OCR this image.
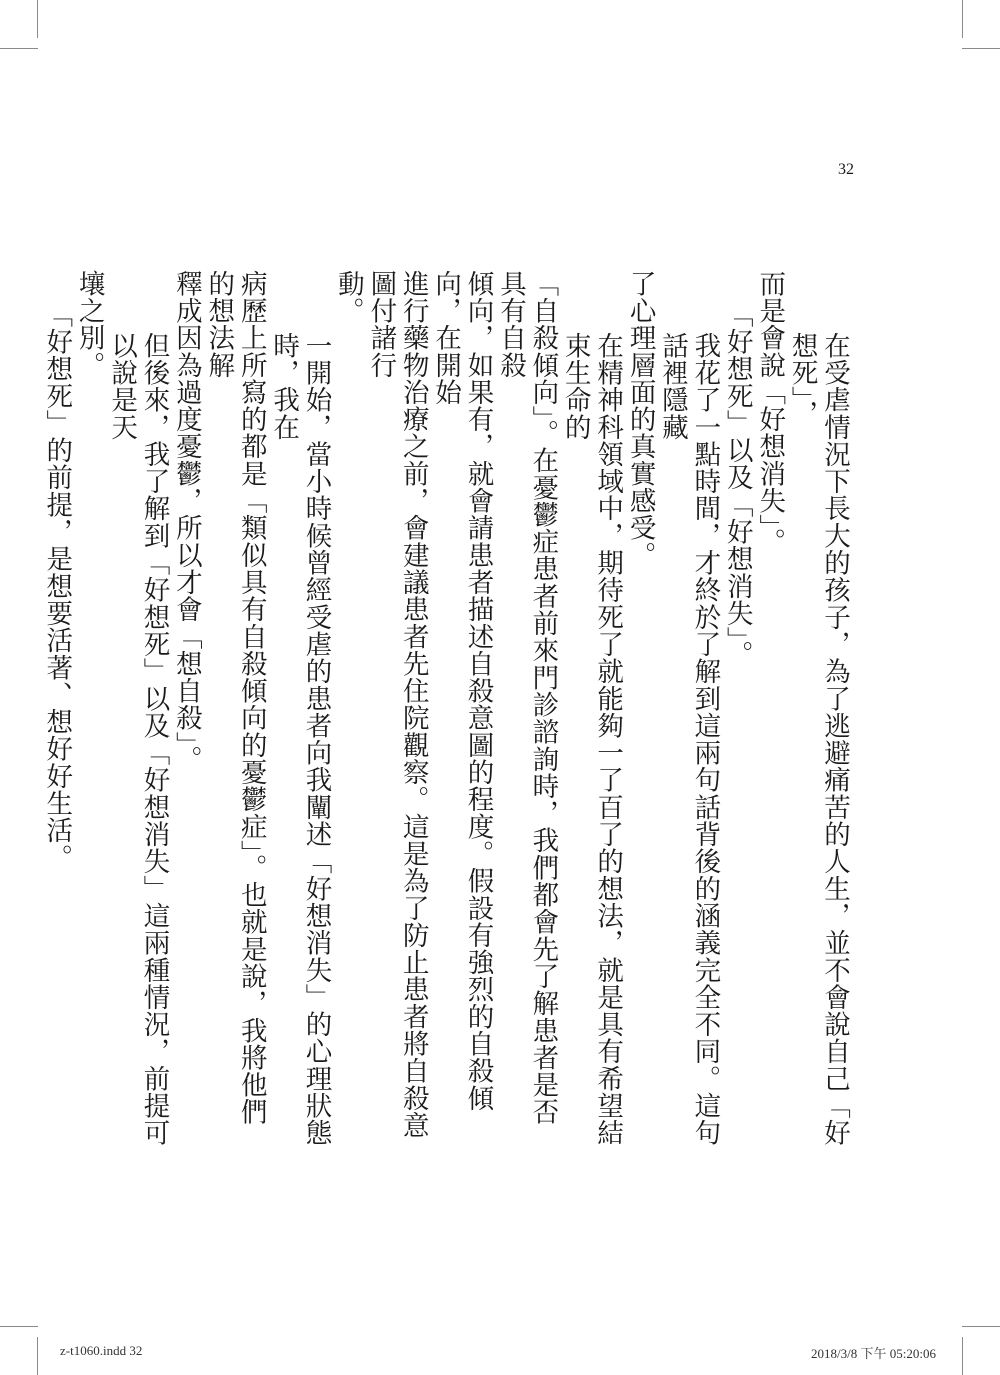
32

在受虐情況下長大的孩子，為了逃避痛苦的人生，並不會說自己「好想死」，

而是會說「好想消失」。

「好想死」以及「好想消失」。

我花了一點時間，才終於了解到這兩句話背後的涵義完全不同。這句話裡隱藏

了心理層面的真實感受。

在精神科領域中，期待死了就能夠一了百了的想法，就是具有希望結束生命的

「自殺傾向」。在憂鬱症患者前來門診諮詢時，我們都會先了解患者是否具有自殺

傾向，如果有，就會請患者描述自殺意圖的程度。假設有強烈的自殺傾向，在開始

進行藥物治療之前，會建議患者先住院觀察。這是為了防止患者將自殺意圖付諸行

動。

一開始，當小時候曾經受虐的患者向我闡述「好想消失」的心理狀態時，我在

病歷上所寫的都是「類似具有自殺傾向的憂鬱症」。也就是說，我將他們的想法解

釋成因為過度憂鬱，所以才會「想自殺」。

但後來，我了解到「好想死」以及「好想消失」這兩種情況，前提可以說是天

壤之別。

「好想死」的前提，是想要活著、想好好生活。

z-t1060.indd 32	2018/3/8 下午 05:20:06
